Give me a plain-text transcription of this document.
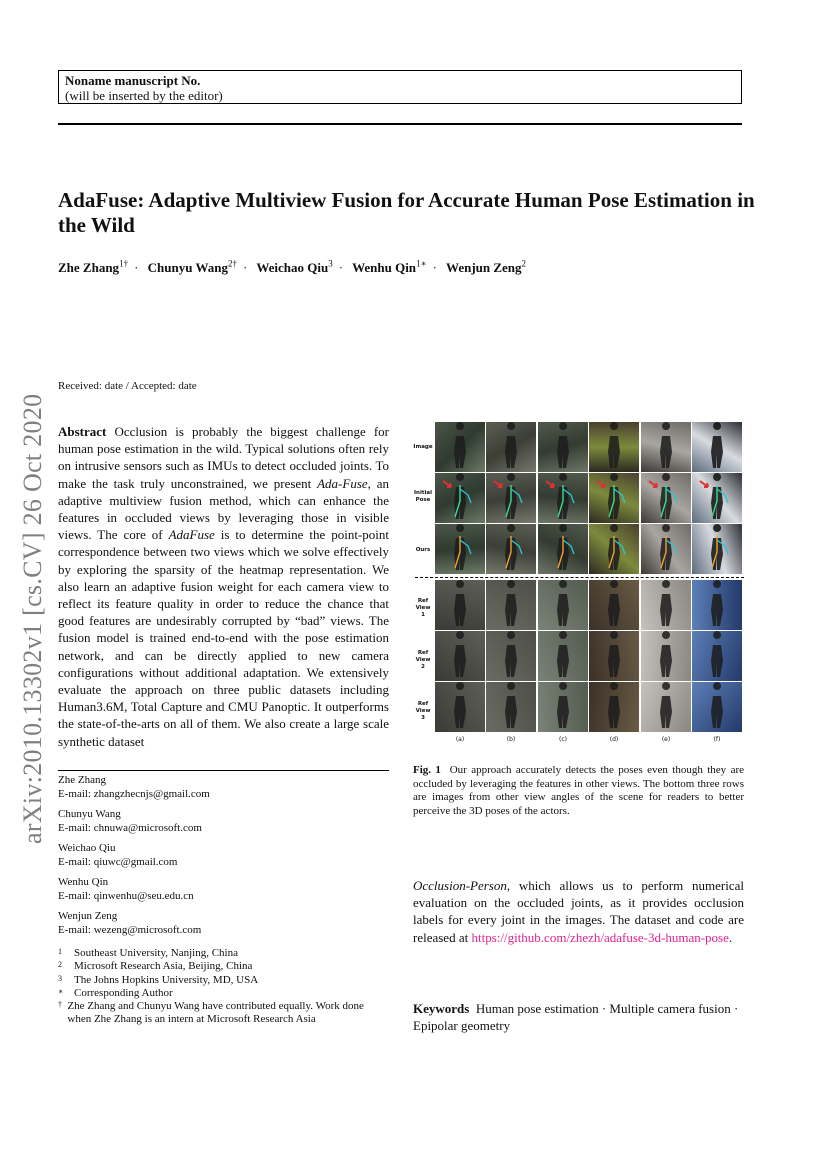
Noname manuscript No.
(will be inserted by the editor)
AdaFuse: Adaptive Multiview Fusion for Accurate Human Pose Estimation in the Wild
Zhe Zhang$^{1\dagger}$ · Chunyu Wang$^{2\dagger}$ · Weichao Qiu$^3$ · Wenhu Qin$^{1∗}$ · Wenjun Zeng$^2$
arXiv:2010.13302v1 [cs.CV] 26 Oct 2020
Received: date / Accepted: date
Abstract Occlusion is probably the biggest challenge for human pose estimation in the wild. Typical solutions often rely on intrusive sensors such as IMUs to detect occluded joints. To make the task truly unconstrained, we present Ada-Fuse, an adaptive multiview fusion method, which can enhance the features in occluded views by leveraging those in visible views. The core of AdaFuse is to determine the point-point correspondence between two views which we solve effectively by exploring the sparsity of the heatmap representation. We also learn an adaptive fusion weight for each camera view to reflect its feature quality in order to reduce the chance that good features are undesirably corrupted by “bad” views. The fusion model is trained end-to-end with the pose estimation network, and can be directly applied to new camera configurations without additional adaptation. We extensively evaluate the approach on three public datasets including Human3.6M, Total Capture and CMU Panoptic. It outperforms the state-of-the-arts on all of them. We also create a large scale synthetic dataset
Zhe Zhang
E-mail: zhangzhecnjs@gmail.com
Chunyu Wang
E-mail: chnuwa@microsoft.com
Weichao Qiu
E-mail: qiuwc@gmail.com
Wenhu Qin
E-mail: qinwenhu@seu.edu.cn
Wenjun Zeng
E-mail: wezeng@microsoft.com
1	Southeast University, Nanjing, China
2	Microsoft Research Asia, Beijing, China
3	The Johns Hopkins University, MD, USA
∗ Corresponding Author
† Zhe Zhang and Chunyu Wang have contributed equally. Work done when Zhe Zhang is an intern at Microsoft Research Asia
Image
Initial Pose
Ours
Ref View 1
Ref View 2
Ref View 3
(a)	(b)	(c)	(d)	(e)	(f)
Fig. 1 Our approach accurately detects the poses even though they are occluded by leveraging the features in other views. The bottom three rows are images from other view angles of the scene for readers to better perceive the 3D poses of the actors.
Occlusion-Person, which allows us to perform numerical evaluation on the occluded joints, as it provides occlusion labels for every joint in the images. The dataset and code are released at https://github.com/zhezh/adafuse-3d-human-pose.
Keywords Human pose estimation · Multiple camera fusion · Epipolar geometry
